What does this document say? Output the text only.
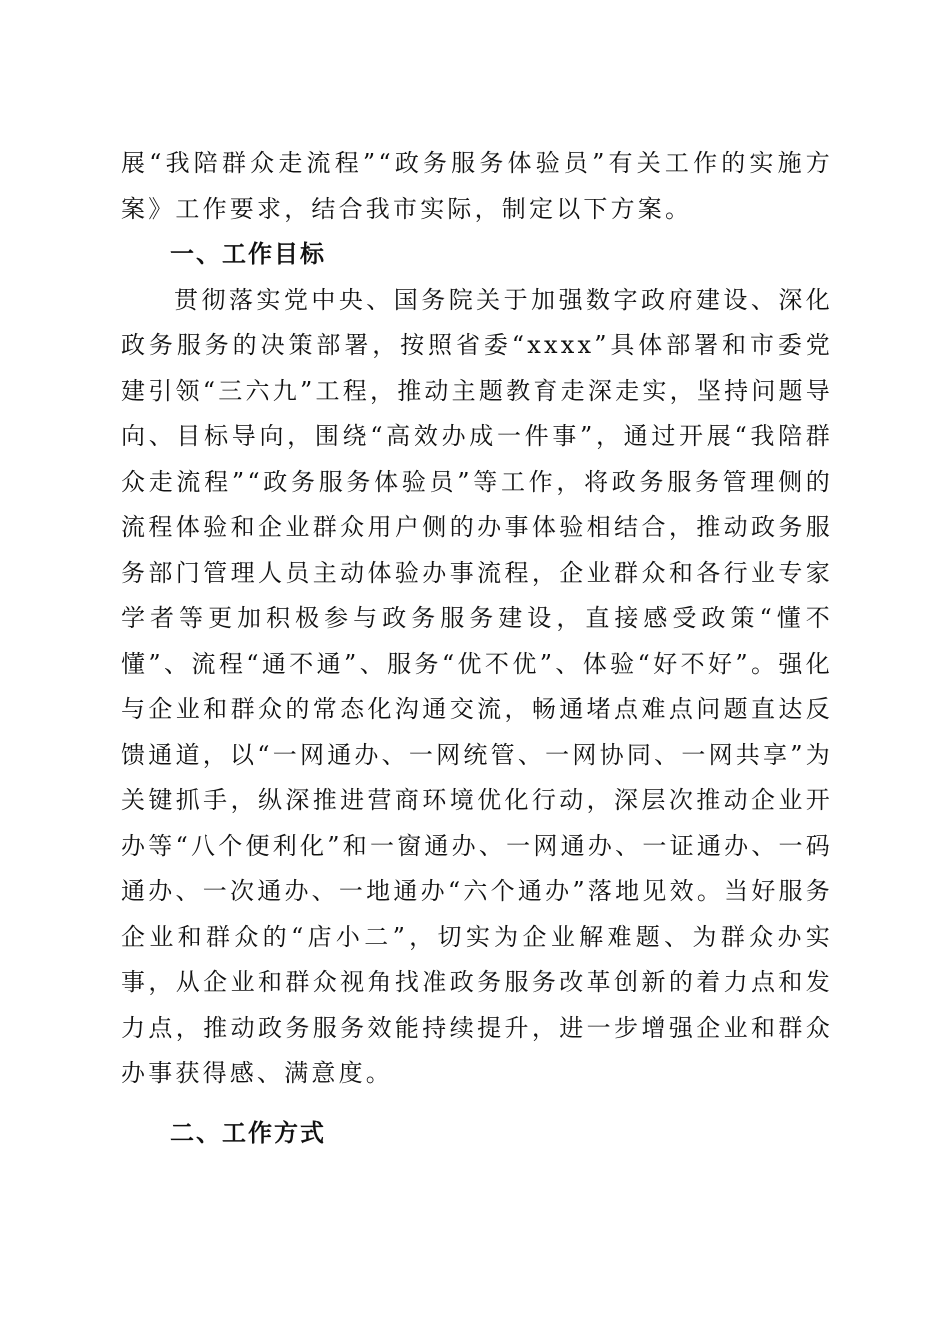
展“我陪群众走流程”“政务服务体验员”有关工作的实施方案》工作要求，结合我市实际，制定以下方案。

一、工作目标

贯彻落实党中央、国务院关于加强数字政府建设、深化政务服务的决策部署，按照省委“xxxx”具体部署和市委党建引领“三六九”工程，推动主题教育走深走实，坚持问题导向、目标导向，围绕“高效办成一件事”，通过开展“我陪群众走流程”“政务服务体验员”等工作，将政务服务管理侧的流程体验和企业群众用户侧的办事体验相结合，推动政务服务部门管理人员主动体验办事流程，企业群众和各行业专家学者等更加积极参与政务服务建设，直接感受政策“懂不懂”、流程“通不通”、服务“优不优”、体验“好不好”。强化与企业和群众的常态化沟通交流，畅通堵点难点问题直达反馈通道，以“一网通办、一网统管、一网协同、一网共享”为关键抓手，纵深推进营商环境优化行动，深层次推动企业开办等“八个便利化”和一窗通办、一网通办、一证通办、一码通办、一次通办、一地通办“六个通办”落地见效。当好服务企业和群众的“店小二”，切实为企业解难题、为群众办实事，从企业和群众视角找准政务服务改革创新的着力点和发力点，推动政务服务效能持续提升，进一步增强企业和群众办事获得感、满意度。

二、工作方式
